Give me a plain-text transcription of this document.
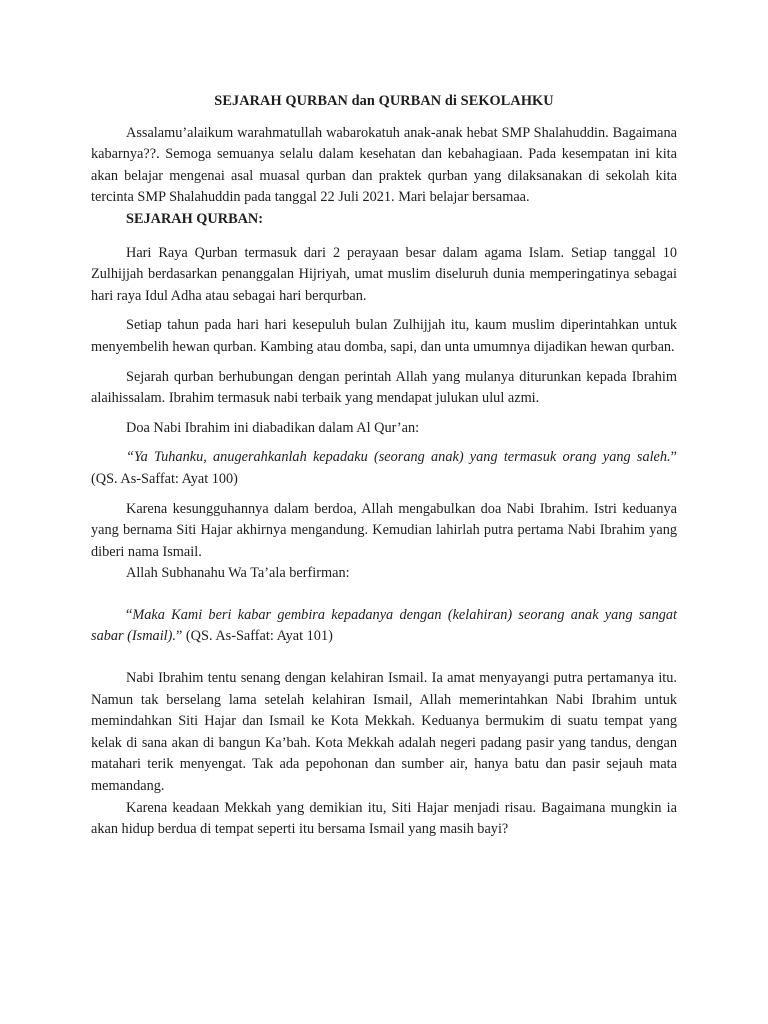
SEJARAH QURBAN dan QURBAN di SEKOLAHKU

Assalamu’alaikum warahmatullah wabarokatuh anak-anak hebat SMP Shalahuddin. Bagaimana kabarnya??. Semoga semuanya selalu dalam kesehatan dan kebahagiaan. Pada kesempatan ini kita akan belajar mengenai asal muasal qurban dan praktek qurban yang dilaksanakan di sekolah kita tercinta SMP Shalahuddin pada tanggal 22 Juli 2021. Mari belajar bersamaa.

SEJARAH QURBAN:

Hari Raya Qurban termasuk dari 2 perayaan besar dalam agama Islam. Setiap tanggal 10 Zulhijjah berdasarkan penanggalan Hijriyah, umat muslim diseluruh dunia memperingatinya sebagai hari raya Idul Adha atau sebagai hari berqurban.

Setiap tahun pada hari hari kesepuluh bulan Zulhijjah itu, kaum muslim diperintahkan untuk menyembelih hewan qurban. Kambing atau domba, sapi, dan unta umumnya dijadikan hewan qurban.

Sejarah qurban berhubungan dengan perintah Allah yang mulanya diturunkan kepada Ibrahim alaihissalam. Ibrahim termasuk nabi terbaik yang mendapat julukan ulul azmi.

Doa Nabi Ibrahim ini diabadikan dalam Al Qur’an:

“Ya Tuhanku, anugerahkanlah kepadaku (seorang anak) yang termasuk orang yang saleh.” (QS. As-Saffat: Ayat 100)

Karena kesungguhannya dalam berdoa, Allah mengabulkan doa Nabi Ibrahim. Istri keduanya yang bernama Siti Hajar akhirnya mengandung. Kemudian lahirlah putra pertama Nabi Ibrahim yang diberi nama Ismail.

Allah Subhanahu Wa Ta’ala berfirman:

“Maka Kami beri kabar gembira kepadanya dengan (kelahiran) seorang anak yang sangat sabar (Ismail).” (QS. As-Saffat: Ayat 101)

Nabi Ibrahim tentu senang dengan kelahiran Ismail. Ia amat menyayangi putra pertamanya itu. Namun tak berselang lama setelah kelahiran Ismail, Allah memerintahkan Nabi Ibrahim untuk memindahkan Siti Hajar dan Ismail ke Kota Mekkah. Keduanya bermukim di suatu tempat yang kelak di sana akan di bangun Ka’bah. Kota Mekkah adalah negeri padang pasir yang tandus, dengan matahari terik menyengat. Tak ada pepohonan dan sumber air, hanya batu dan pasir sejauh mata memandang.

Karena keadaan Mekkah yang demikian itu, Siti Hajar menjadi risau. Bagaimana mungkin ia akan hidup berdua di tempat seperti itu bersama Ismail yang masih bayi?
